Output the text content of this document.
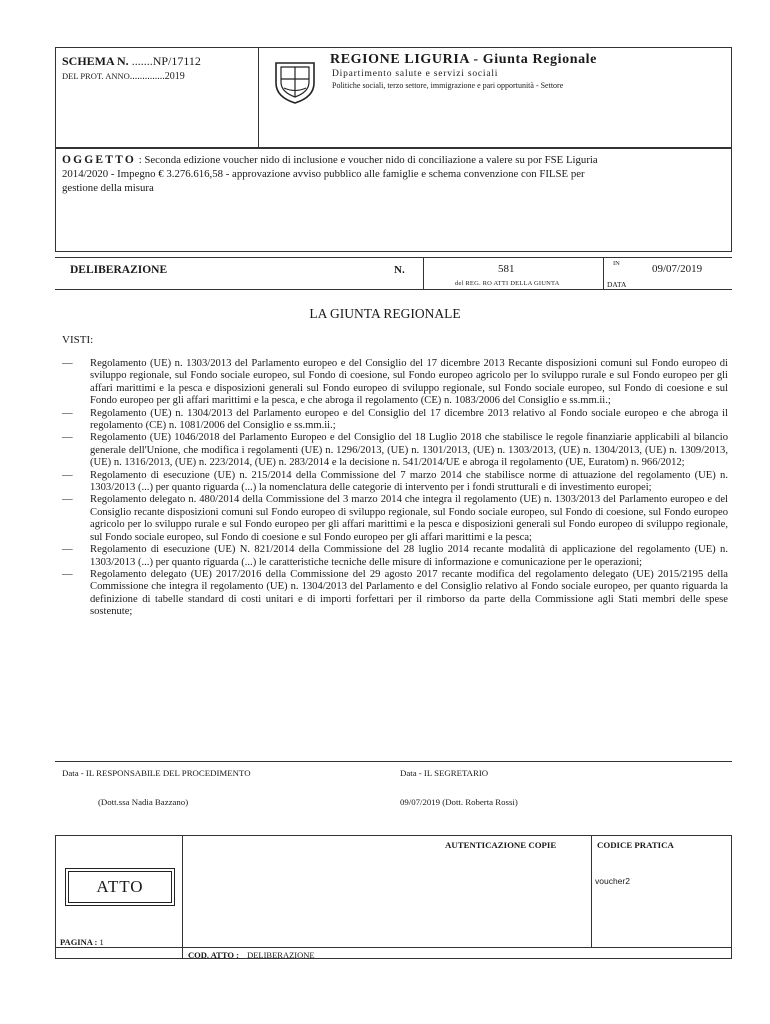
SCHEMA N. .......NP/17112
DEL PROT. ANNO..............2019
REGIONE LIGURIA - Giunta Regionale
Dipartimento salute e servizi sociali
Politiche sociali, terzo settore, immigrazione e pari opportunità - Settore
OGGETTO : Seconda edizione voucher nido di inclusione e voucher nido di conciliazione a valere su por FSE Liguria
2014/2020 - Impegno € 3.276.616,58 - approvazione avviso pubblico alle famiglie e schema convenzione con FILSE per
gestione della misura
DELIBERAZIONE	N.	581
del REG. RO ATTI DELLA GIUNTA
IN	09/07/2019
DATA
LA GIUNTA REGIONALE
VISTI:
— Regolamento (UE) n. 1303/2013 del Parlamento europeo e del Consiglio del 17 dicembre 2013 Recante disposizioni comuni sul Fondo europeo di sviluppo regionale, sul Fondo sociale europeo, sul Fondo di coesione, sul Fondo europeo agricolo per lo sviluppo rurale e sul Fondo europeo per gli affari marittimi e la pesca e disposizioni generali sul Fondo europeo di sviluppo regionale, sul Fondo sociale europeo, sul Fondo di coesione e sul Fondo europeo per gli affari marittimi e la pesca, e che abroga il regolamento (CE) n. 1083/2006 del Consiglio e ss.mm.ii.;
— Regolamento (UE) n. 1304/2013 del Parlamento europeo e del Consiglio del 17 dicembre 2013 relativo al Fondo sociale europeo e che abroga il regolamento (CE) n. 1081/2006 del Consiglio e ss.mm.ii.;
— Regolamento (UE) 1046/2018 del Parlamento Europeo e del Consiglio del 18 Luglio 2018 che stabilisce le regole finanziarie applicabili al bilancio generale dell'Unione, che modifica i regolamenti (UE) n. 1296/2013, (UE) n. 1301/2013, (UE) n. 1303/2013, (UE) n. 1304/2013, (UE) n. 1309/2013, (UE) n. 1316/2013, (UE) n. 223/2014, (UE) n. 283/2014 e la decisione n. 541/2014/UE e abroga il regolamento (UE, Euratom) n. 966/2012;
— Regolamento di esecuzione (UE) n. 215/2014 della Commissione del 7 marzo 2014 che stabilisce norme di attuazione del regolamento (UE) n. 1303/2013 (...) per quanto riguarda (...) la nomenclatura delle categorie di intervento per i fondi strutturali e di investimento europei;
— Regolamento delegato n. 480/2014 della Commissione del 3 marzo 2014 che integra il regolamento (UE) n. 1303/2013 del Parlamento europeo e del Consiglio recante disposizioni comuni sul Fondo europeo di sviluppo regionale, sul Fondo sociale europeo, sul Fondo di coesione, sul Fondo europeo agricolo per lo sviluppo rurale e sul Fondo europeo per gli affari marittimi e la pesca e disposizioni generali sul Fondo europeo di sviluppo regionale, sul Fondo sociale europeo, sul Fondo di coesione e sul Fondo europeo per gli affari marittimi e la pesca;
— Regolamento di esecuzione (UE) N. 821/2014 della Commissione del 28 luglio 2014 recante modalità di applicazione del regolamento (UE) n. 1303/2013 (...) per quanto riguarda (...) le caratteristiche tecniche delle misure di informazione e comunicazione per le operazioni;
— Regolamento delegato (UE) 2017/2016 della Commissione del 29 agosto 2017 recante modifica del regolamento delegato (UE) 2015/2195 della Commissione che integra il regolamento (UE) n. 1304/2013 del Parlamento e del Consiglio relativo al Fondo sociale europeo, per quanto riguarda la definizione di tabelle standard di costi unitari e di importi forfettari per il rimborso da parte della Commissione agli Stati membri delle spese sostenute;
Data - IL RESPONSABILE DEL PROCEDIMENTO
(Dott.ssa Nadia Bazzano)
Data - IL SEGRETARIO
09/07/2019 (Dott. Roberta Rossi)
AUTENTICAZIONE COPIE	CODICE PRATICA
voucher2
ATTO
PAGINA : 1
COD. ATTO : DELIBERAZIONE
